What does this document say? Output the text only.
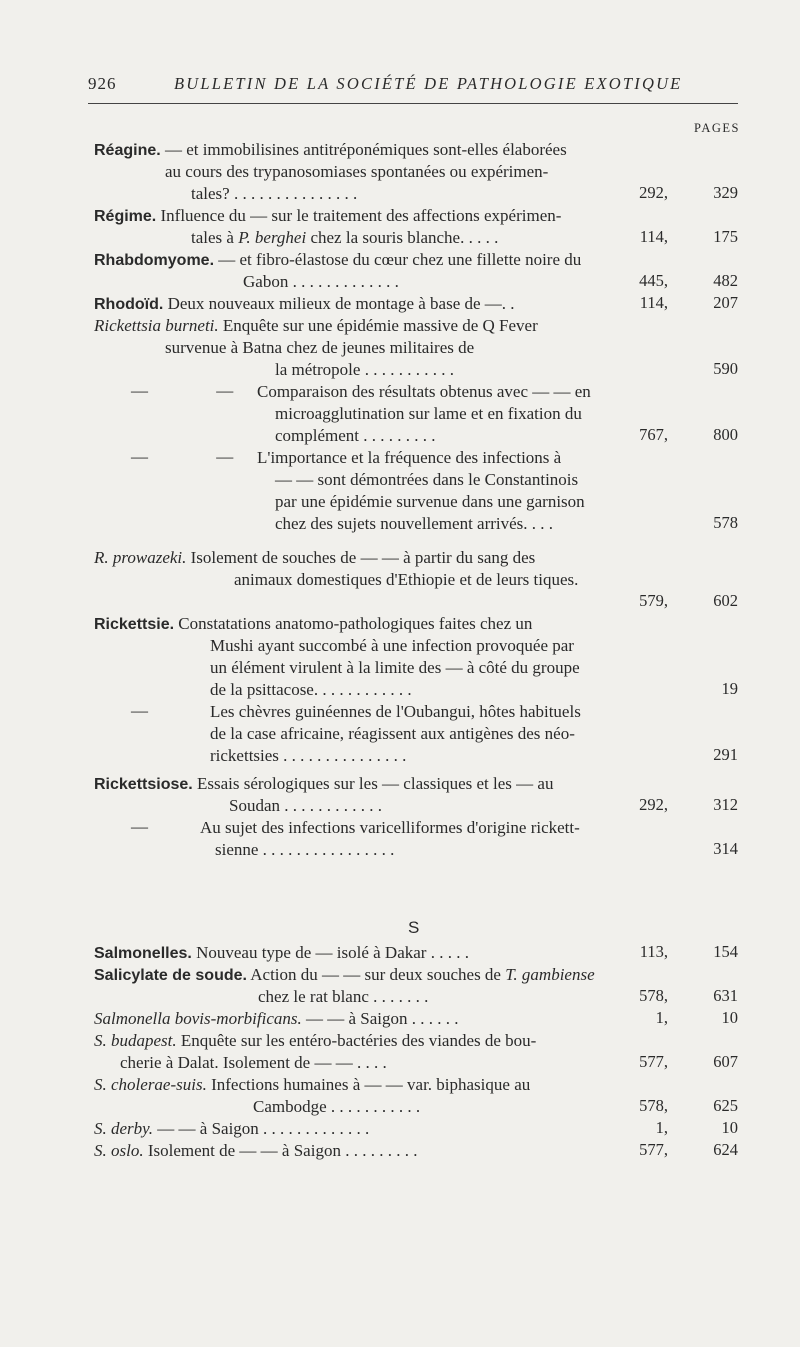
926	BULLETIN DE LA SOCIÉTÉ DE PATHOLOGIE EXOTIQUE
PAGES
S
Réagine. — et immobilisines antitréponémiques sont-elles élaborées
au cours des trypanosomiases spontanées ou expérimen-
tales? . . . . . . . . . . . . . . .	292,	329
Régime. Influence du — sur le traitement des affections expérimen-
tales à P. berghei chez la souris blanche. . . . .	114,	175
Rhabdomyome. — et fibro-élastose du cœur chez une fillette noire du
Gabon . . . . . . . . . . . . .	445,	482
Rhodoïd. Deux nouveaux milieux de montage à base de —. .	114,	207
Rickettsia burneti. Enquête sur une épidémie massive de Q Fever
survenue à Batna chez de jeunes militaires de
la métropole . . . . . . . . . . .	590
— — Comparaison des résultats obtenus avec — — en
microagglutination sur lame et en fixation du
complément . . . . . . . . .	767,	800
— — L'importance et la fréquence des infections à
— — sont démontrées dans le Constantinois
par une épidémie survenue dans une garnison
chez des sujets nouvellement arrivés. . . .	578
R. prowazeki. Isolement de souches de — — à partir du sang des
animaux domestiques d'Ethiopie et de leurs tiques.
579,	602
Rickettsie. Constatations anatomo-pathologiques faites chez un
Mushi ayant succombé à une infection provoquée par
un élément virulent à la limite des — à côté du groupe
de la psittacose. . . . . . . . . . . .	19
—	Les chèvres guinéennes de l'Oubangui, hôtes habituels
de la case africaine, réagissent aux antigènes des néo-
rickettsies . . . . . . . . . . . . . . .	291
Rickettsiose. Essais sérologiques sur les — classiques et les — au
Soudan . . . . . . . . . . . .	292,	312
—	Au sujet des infections varicelliformes d'origine rickett-
sienne . . . . . . . . . . . . . . . .	314
Salmonelles. Nouveau type de — isolé à Dakar . . . . .	113,	154
Salicylate de soude. Action du — — sur deux souches de T. gambiense
chez le rat blanc . . . . . . .	578,	631
Salmonella bovis-morbificans. — — à Saigon . . . . . .	1,	10
S. budapest. Enquête sur les entéro-bactéries des viandes de bou-
cherie à Dalat. Isolement de — — . . . .	577,	607
S. cholerae-suis. Infections humaines à — — var. biphasique au
Cambodge . . . . . . . . . . .	578,	625
S. derby. — — à Saigon . . . . . . . . . . . . .	1,	10
S. oslo. Isolement de — — à Saigon . . . . . . . . .	577,	624
